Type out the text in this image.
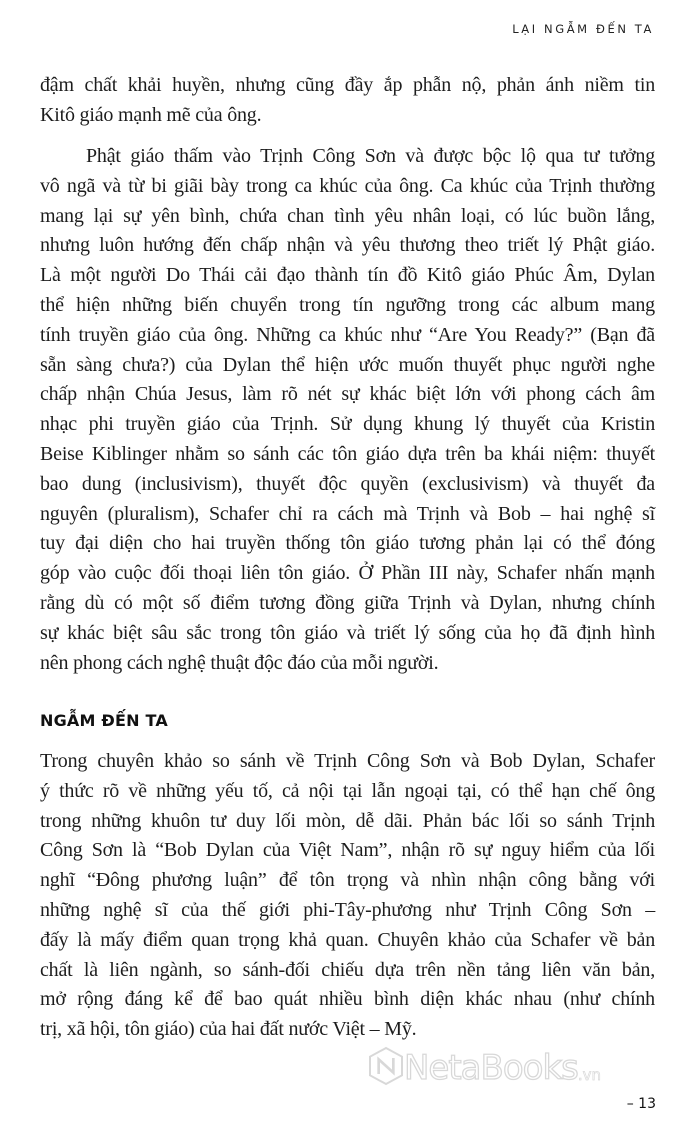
LẠI NGẪM ĐẾN TA
đậm chất khải huyền, nhưng cũng đầy ắp phẫn nộ, phản ánh niềm tin
Kitô giáo mạnh mẽ của ông.
Phật giáo thấm vào Trịnh Công Sơn và được bộc lộ qua tư tưởng
vô ngã và từ bi giãi bày trong ca khúc của ông. Ca khúc của Trịnh thường
mang lại sự yên bình, chứa chan tình yêu nhân loại, có lúc buồn lắng,
nhưng luôn hướng đến chấp nhận và yêu thương theo triết lý Phật giáo.
Là một người Do Thái cải đạo thành tín đồ Kitô giáo Phúc Âm, Dylan
thể hiện những biến chuyển trong tín ngưỡng trong các album mang
tính truyền giáo của ông. Những ca khúc như “Are You Ready?” (Bạn đã
sẵn sàng chưa?) của Dylan thể hiện ước muốn thuyết phục người nghe
chấp nhận Chúa Jesus, làm rõ nét sự khác biệt lớn với phong cách âm
nhạc phi truyền giáo của Trịnh. Sử dụng khung lý thuyết của Kristin
Beise Kiblinger nhằm so sánh các tôn giáo dựa trên ba khái niệm: thuyết
bao dung (inclusivism), thuyết độc quyền (exclusivism) và thuyết đa
nguyên (pluralism), Schafer chỉ ra cách mà Trịnh và Bob – hai nghệ sĩ
tuy đại diện cho hai truyền thống tôn giáo tương phản lại có thể đóng
góp vào cuộc đối thoại liên tôn giáo. Ở Phần III này, Schafer nhấn mạnh
rằng dù có một số điểm tương đồng giữa Trịnh và Dylan, nhưng chính
sự khác biệt sâu sắc trong tôn giáo và triết lý sống của họ đã định hình
nên phong cách nghệ thuật độc đáo của mỗi người.
NGẪM ĐẾN TA
Trong chuyên khảo so sánh về Trịnh Công Sơn và Bob Dylan, Schafer
ý thức rõ về những yếu tố, cả nội tại lẫn ngoại tại, có thể hạn chế ông
trong những khuôn tư duy lối mòn, dễ dãi. Phản bác lối so sánh Trịnh
Công Sơn là “Bob Dylan của Việt Nam”, nhận rõ sự nguy hiểm của lối
nghĩ “Đông phương luận” để tôn trọng và nhìn nhận công bằng với
những nghệ sĩ của thế giới phi-Tây-phương như Trịnh Công Sơn –
đấy là mấy điểm quan trọng khả quan. Chuyên khảo của Schafer về bản
chất là liên ngành, so sánh-đối chiếu dựa trên nền tảng liên văn bản,
mở rộng đáng kể để bao quát nhiều bình diện khác nhau (như chính
trị, xã hội, tôn giáo) của hai đất nước Việt – Mỹ.
NetaBooks .vn
– 13
